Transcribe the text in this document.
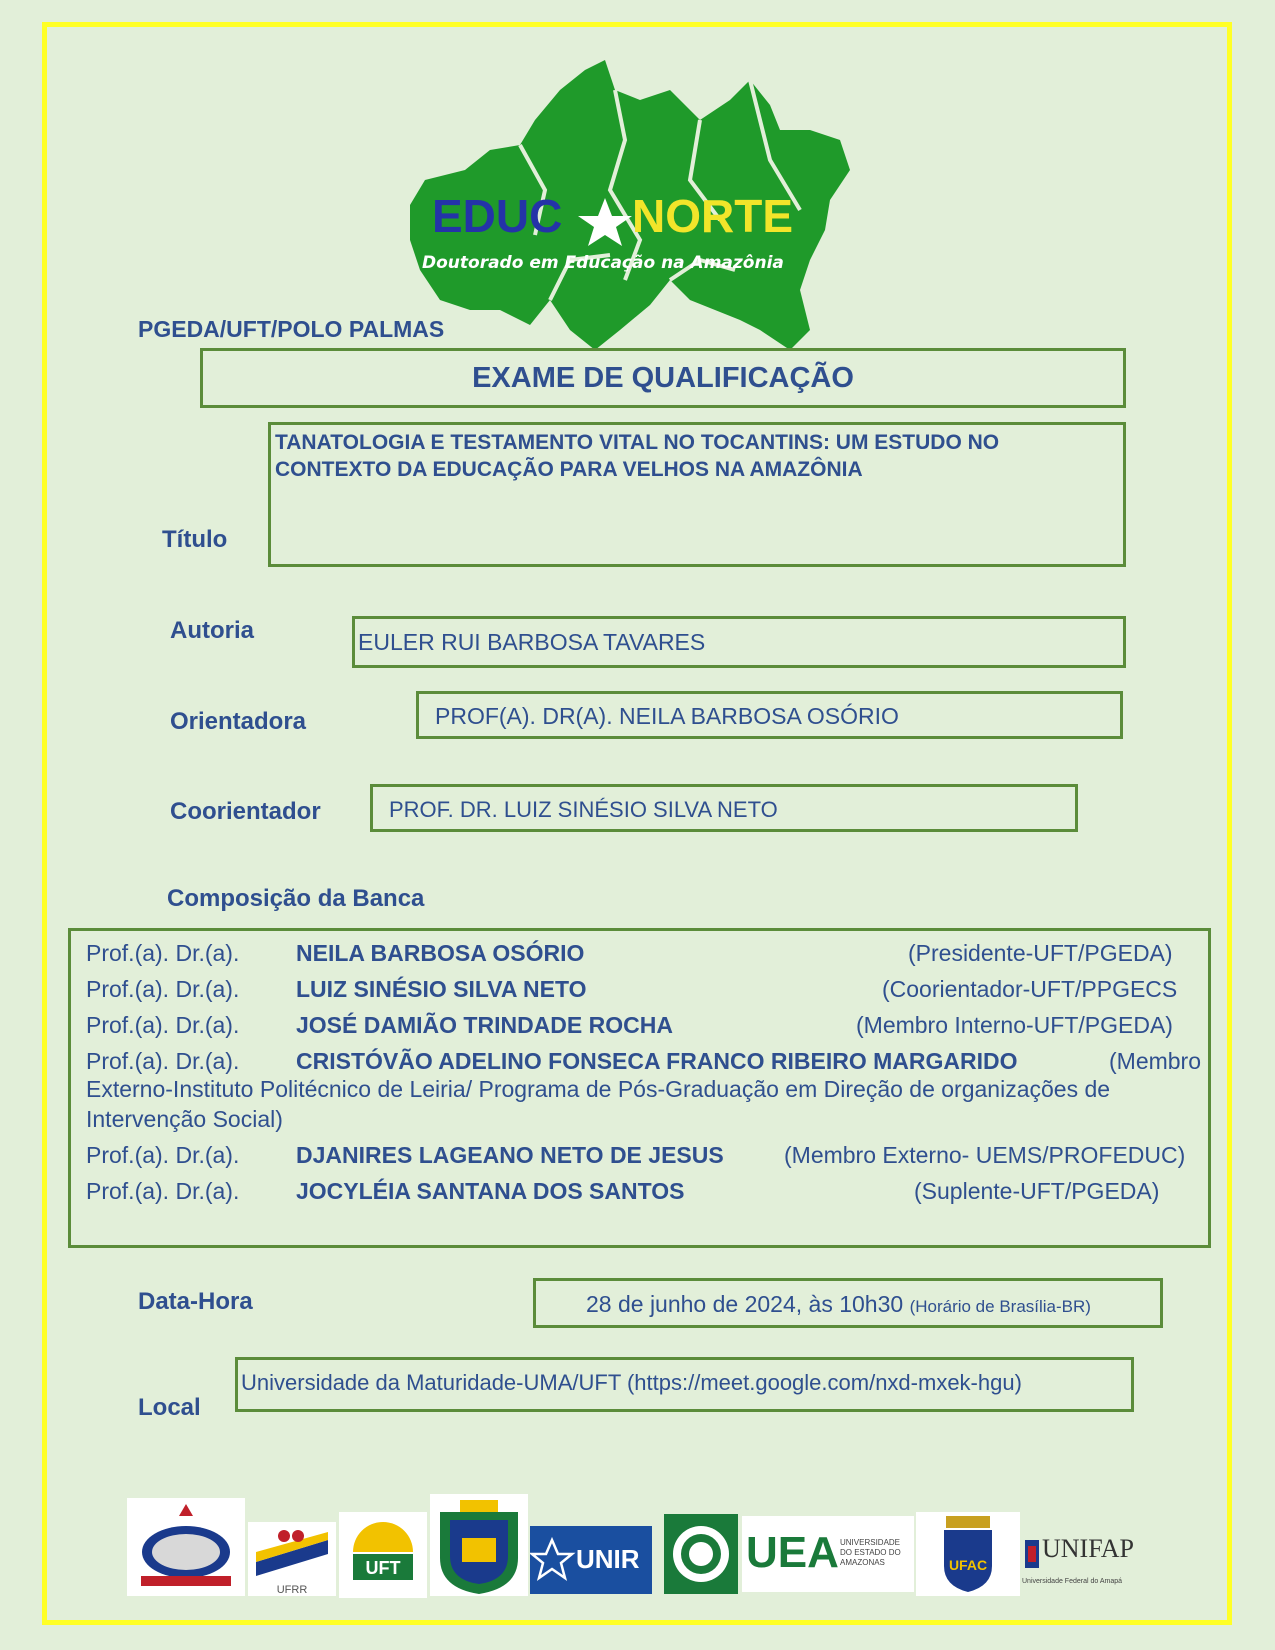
EDUC NORTE
Doutorado em Educação na Amazônia
PGEDA/UFT/POLO PALMAS
EXAME DE QUALIFICAÇÃO
Título
TANATOLOGIA E TESTAMENTO VITAL NO TOCANTINS: UM ESTUDO NO CONTEXTO DA EDUCAÇÃO PARA VELHOS NA AMAZÔNIA
Autoria	EULER RUI BARBOSA TAVARES
Orientadora	PROF(A). DR(A). NEILA BARBOSA OSÓRIO
Coorientador	PROF. DR. LUIZ SINÉSIO SILVA NETO
Composição da Banca
Prof.(a). Dr.(a). NEILA BARBOSA OSÓRIO	(Presidente-UFT/PGEDA)
Prof.(a). Dr.(a). LUIZ SINÉSIO SILVA NETO	(Coorientador-UFT/PPGECS
Prof.(a). Dr.(a). JOSÉ DAMIÃO TRINDADE ROCHA	(Membro Interno-UFT/PGEDA)
Prof.(a). Dr.(a). CRISTÓVÃO ADELINO FONSECA FRANCO RIBEIRO MARGARIDO	(Membro
Externo-Instituto Politécnico de Leiria/ Programa de Pós-Graduação em Direção de organizações de
Intervenção Social)
Prof.(a). Dr.(a). DJANIRES LAGEANO NETO DE JESUS	(Membro Externo- UEMS/PROFEDUC)
Prof.(a). Dr.(a). JOCYLÉIA SANTANA DOS SANTOS	(Suplente-UFT/PGEDA)
Data-Hora	28 de junho de 2024, às 10h30 (Horário de Brasília-BR)
Local
Universidade da Maturidade-UMA/UFT (https://meet.google.com/nxd-mxek-hgu)
UFRR
UFT	UNIR UEA UNIVERSIDADE DO ESTADO DO AMAZONAS	UFAC
UNIFAP
Universidade Federal do Amapá
